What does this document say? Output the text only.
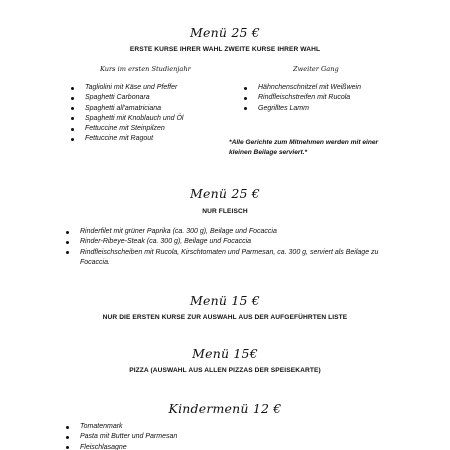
Menü 25 €
ERSTE KURSE IHRER WAHL ZWEITE KURSE IHRER WAHL
Kurs im ersten Studienjahr	Zweiter Gang
Tagliolini mit Käse und Pfeffer
Spaghetti Carbonara
Spaghetti all'amatriciana
Spaghetti mit Knoblauch und Öl
Fettuccine mit Steinpilzen
Fettuccine mit Ragout
Hähnchenschnitzel mit Weißwein
Rindfleischstreifen mit Rucola
Gegrilltes Lamm
*Alle Gerichte zum Mitnehmen werden mit einer kleinen Beilage serviert.*
Menü 25 €
NUR FLEISCH
Rinderfilet mit grüner Paprika (ca. 300 g), Beilage und Focaccia
Rinder-Ribeye-Steak (ca. 300 g), Beilage und Focaccia
Rindfleischscheiben mit Rucola, Kirschtomaten und Parmesan, ca. 300 g, serviert als Beilage zu Focaccia.
Menü 15 €
NUR DIE ERSTEN KURSE ZUR AUSWAHL AUS DER AUFGEFÜHRTEN LISTE
Menü 15€
PIZZA (AUSWAHL AUS ALLEN PIZZAS DER SPEISEKARTE)
Kindermenü 12 €
Tomatenmark
Pasta mit Butter und Parmesan
Fleischlasagne
